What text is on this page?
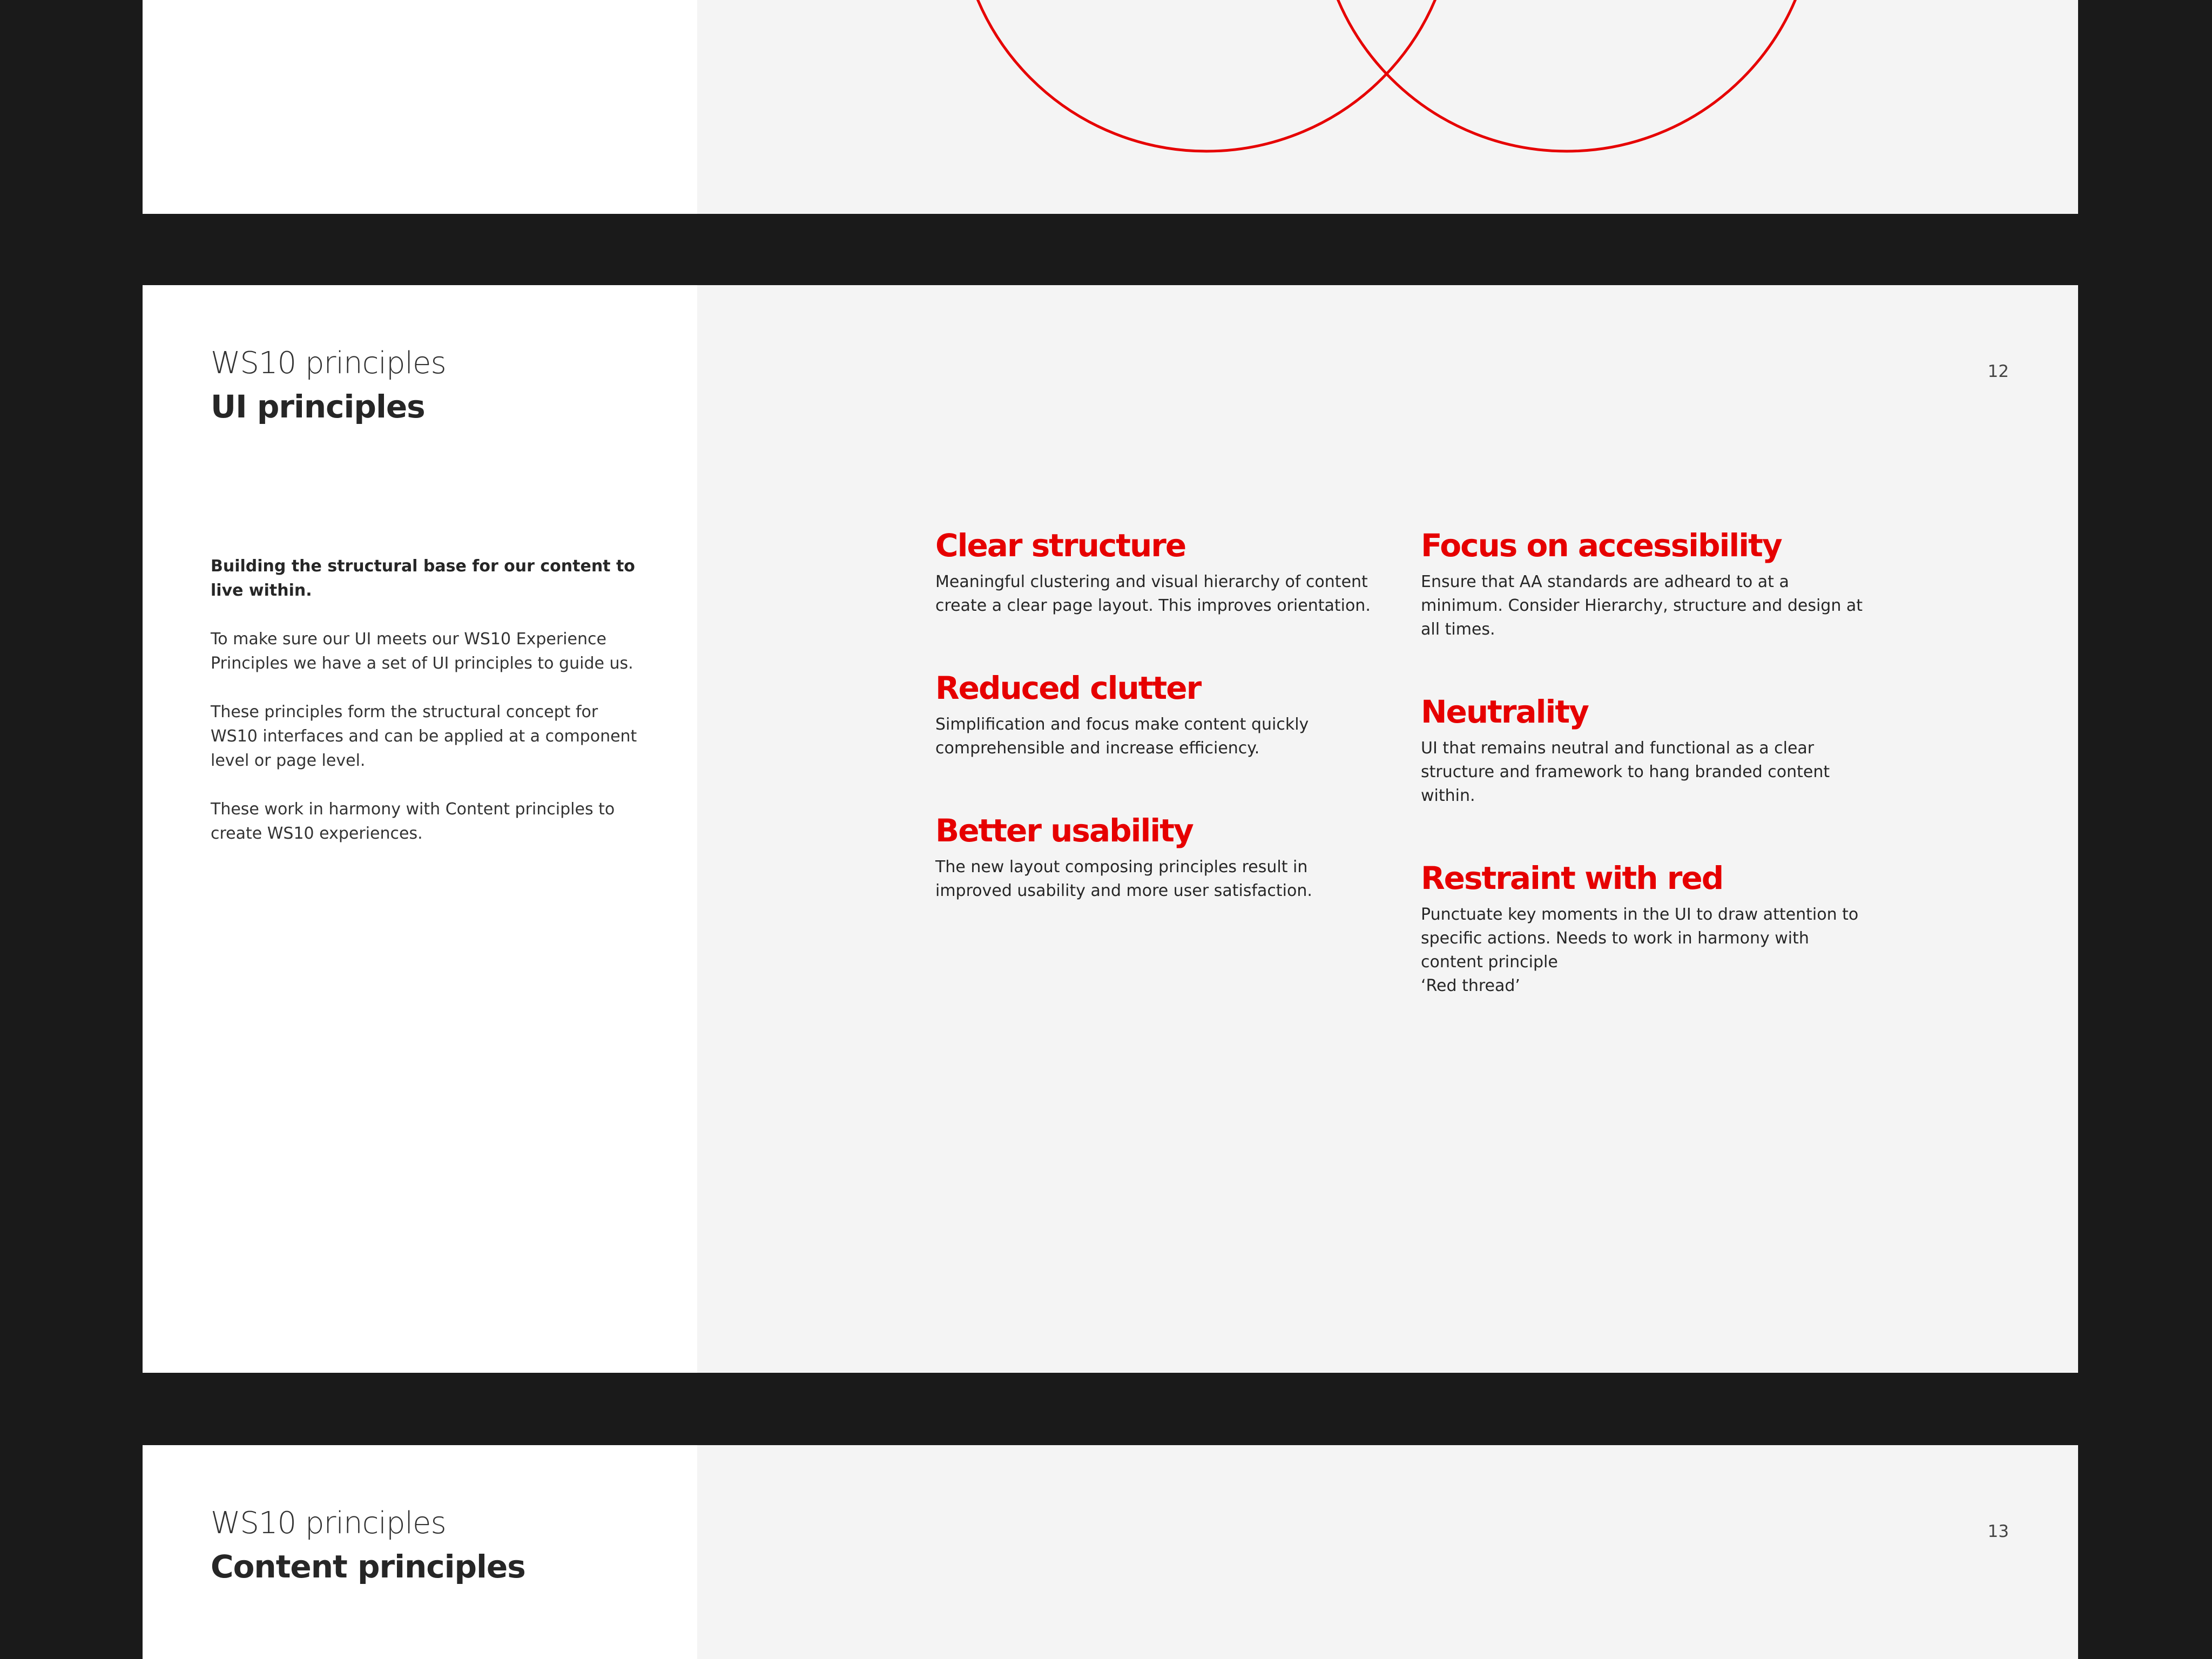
WS10 principles
UI principles
12

Building the structural base for our content to live within.

To make sure our UI meets our WS10 Experience Principles we have a set of UI principles to guide us.

These principles form the structural concept for WS10 interfaces and can be applied at a component level or page level.

These work in harmony with Content principles to create WS10 experiences.

Clear structure

Meaningful clustering and visual hierarchy of content create a clear page layout. This improves orientation.

Reduced clutter

Simplification and focus make content quickly comprehensible and increase efficiency.

Better usability

The new layout composing principles result in improved usability and more user satisfaction.

Focus on accessibility

Ensure that AA standards are adheard to at a minimum. Consider Hierarchy, structure and design at all times.

Neutrality

UI that remains neutral and functional as a clear structure and framework to hang branded content within.

Restraint with red

Punctuate key moments in the UI to draw attention to specific actions. Needs to work in harmony with content principle
‘Red thread’

WS10 principles
Content principles
13
